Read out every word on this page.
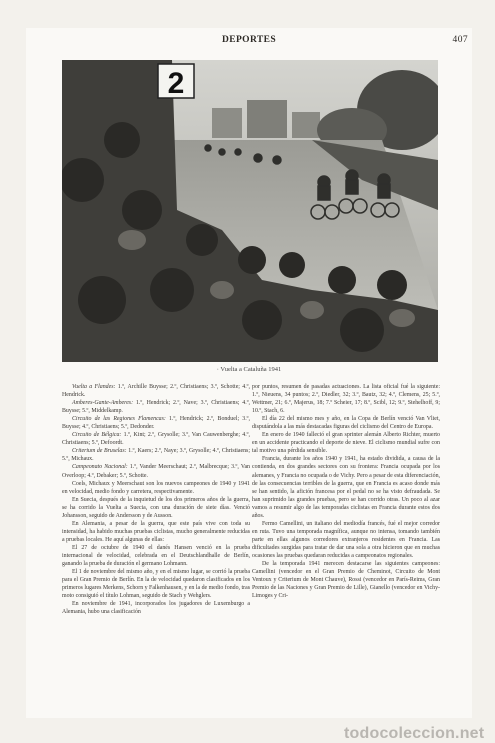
DEPORTES	407
2
· Vuelta a Cataluña 1941

Vuelta a Flandes: 1.º, Archille Buysse; 2.º, Christiaens; 3.º, Schotte; 4.º, Hendrick.

Amberes-Gante-Amberes: 1.º, Hendrick; 2.º, Nave; 3.º, Christiaens; 4.º, Buysse; 5.º, Middelkamp.

Circuito de las Regiones Flamencas: 1.º, Hendrick; 2.º, Bonduel; 3.º, Buysse; 4.º, Christiaens; 5.º, Dedonder.

Circuito de Bélgica: 1.º, Kint; 2.º, Grysolle; 3.º, Van Cauwenberghe; 4.º, Christiaens; 5.º, Defoordt.

Criterium de Bruselas: 1.º, Kaers; 2.º, Naye; 3.º, Grysolle; 4.º, Christiaens; 5.º, Michaux.

Campeonato Nacional: 1.º, Vander Meerschaut; 2.º, Malbrecque; 3.º, Van Overloop; 4.º, Debaker; 5.º, Schotte.

Coels, Michaux y Meerschaut son los nuevos campeones de 1940 y 1941 en velocidad, medio fondo y carretera, respectivamente.

En Suecia, después de la inquietud de los dos primeros años de la guerra, se ha corrido la Vuelta a Suecia, con una duración de siete días. Venció Johansson, seguido de Andersson y de Ausson.

En Alemania, a pesar de la guerra, que este país vive con toda su intensidad, ha habido muchas pruebas ciclistas, mucho generalmente reducidas a pruebas locales. He aquí algunas de ellas:

El 27 de octubre de 1940 el danés Hansen venció en la prueba internacional de velocidad, celebrada en el Deutschlandhalle de Berlín, ganando la prueba de duración el germano Lohmann.

El 1 de noviembre del mismo año, y en el mismo lugar, se corrió la prueba para el Gran Premio de Berlín. En la de velocidad quedaron clasificados en los primeros lugares Merkens, Schorn y Falkenhausen, y en la de medio fondo, tras moto consiguió el título Lohman, seguido de Stach y Wehglers.

En noviembre de 1941, incorporados los jugadores de Luxemburgo a Alemania, hubo una clasificación

por puntos, resumen de pasadas actuaciones. La lista oficial fué la siguiente: 1.º, Nieuens, 34 puntos; 2.º, Diedler, 32; 3.º, Bautz, 32; 4.º, Clemens, 25; 5.º, Wettmer, 21; 6.º, Majerus, 18; 7.º Scheier, 17; 8.º, Scibl, 12; 9.º, Stehelhoff, 9; 10.º, Stach, 6.

El día 22 del mismo mes y año, en la Copa de Berlín venció Van Vliet, disputándola a las más destacadas figuras del ciclismo del Centro de Europa.

En enero de 1940 falleció el gran sprinter alemán Alberto Richter, muerto en un accidente practicando el deporte de nieve. El ciclismo mundial sufre con tal motivo una pérdida sensible.

Francia, durante los años 1940 y 1941, ha estado dividida, a causa de la contienda, en dos grandes sectores con su frontera: Francia ocupada por los alemanes, y Francia no ocupada o de Vichy. Pero a pesar de esta diferenciación, de las consecuencias terribles de la guerra, que en Francia es acaso donde más se han sentido, la afición francesa por el pedal no se ha visto defraudada. Se han suprimido las grandes pruebas, pero se han corrido otras. Un poco al azar vamos a resumir algo de las temporadas ciclistas en Francia durante estos dos años.

Fermo Camellini, un italiano del mediodía francés, fué el mejor corredor en ruta. Tuvo una temporada magnífica, aunque no intensa, tomando también parte en ellas algunos corredores extranjeros residentes en Francia. Las dificultades surgidas para tratar de dar una sola a otra hicieron que en muchas ocasiones las pruebas quedaran reducidas a campeonatos regionales.

De la temporada 1941 merecen destacarse las siguientes campeones: Camellini (vencedor en el Gran Premio de Cheminot, Circuito de Mont Ventoux y Criterium de Mont Chauve), Rossi (vencedor en París-Reims, Gran Premio de las Naciones y Gran Premio de Lille), Gianello (vencedor en Vichy-Limoges y Cri-

todocoleccion.net
